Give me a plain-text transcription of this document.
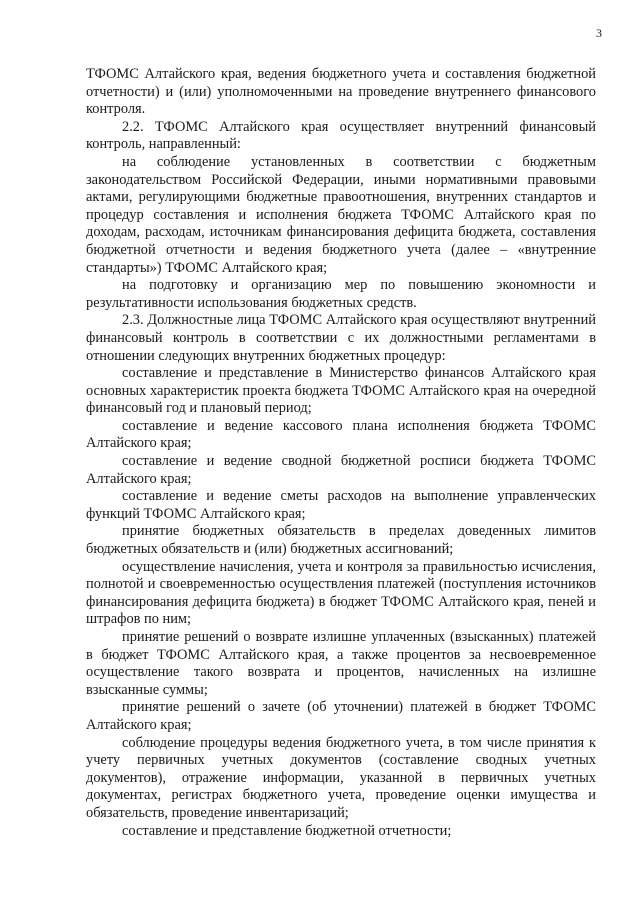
3

ТФОМС Алтайского края, ведения бюджетного учета и составления бюджетной отчетности) и (или) уполномоченными на проведение внутреннего финансового контроля.

2.2. ТФОМС Алтайского края осуществляет внутренний финансовый контроль, направленный:

на соблюдение установленных в соответствии с бюджетным законодательством Российской Федерации, иными нормативными правовыми актами, регулирующими бюджетные правоотношения, внутренних стандартов и процедур составления и исполнения бюджета ТФОМС Алтайского края по доходам, расходам, источникам финансирования дефицита бюджета, составления бюджетной отчетности и ведения бюджетного учета (далее – «внутренние стандарты») ТФОМС Алтайского края;

на подготовку и организацию мер по повышению экономности и результативности использования бюджетных средств.

2.3. Должностные лица ТФОМС Алтайского края осуществляют внутренний финансовый контроль в соответствии с их должностными регламентами в отношении следующих внутренних бюджетных процедур:

составление и представление в Министерство финансов Алтайского края основных характеристик проекта бюджета ТФОМС Алтайского края на очередной финансовый год и плановый период;

составление и ведение кассового плана исполнения бюджета ТФОМС Алтайского края;

составление и ведение сводной бюджетной росписи бюджета ТФОМС Алтайского края;

составление и ведение сметы расходов на выполнение управленческих функций ТФОМС Алтайского края;

принятие бюджетных обязательств в пределах доведенных лимитов бюджетных обязательств и (или) бюджетных ассигнований;

осуществление начисления, учета и контроля за правильностью исчисления, полнотой и своевременностью осуществления платежей (поступления источников финансирования дефицита бюджета) в бюджет ТФОМС Алтайского края, пеней и штрафов по ним;

принятие решений о возврате излишне уплаченных (взысканных) платежей в бюджет ТФОМС Алтайского края, а также процентов за несвоевременное осуществление такого возврата и процентов, начисленных на излишне взысканные суммы;

принятие решений о зачете (об уточнении) платежей в бюджет ТФОМС Алтайского края;

соблюдение процедуры ведения бюджетного учета, в том числе принятия к учету первичных учетных документов (составление сводных учетных документов), отражение информации, указанной в первичных учетных документах, регистрах бюджетного учета, проведение оценки имущества и обязательств, проведение инвентаризаций;

составление и представление бюджетной отчетности;
